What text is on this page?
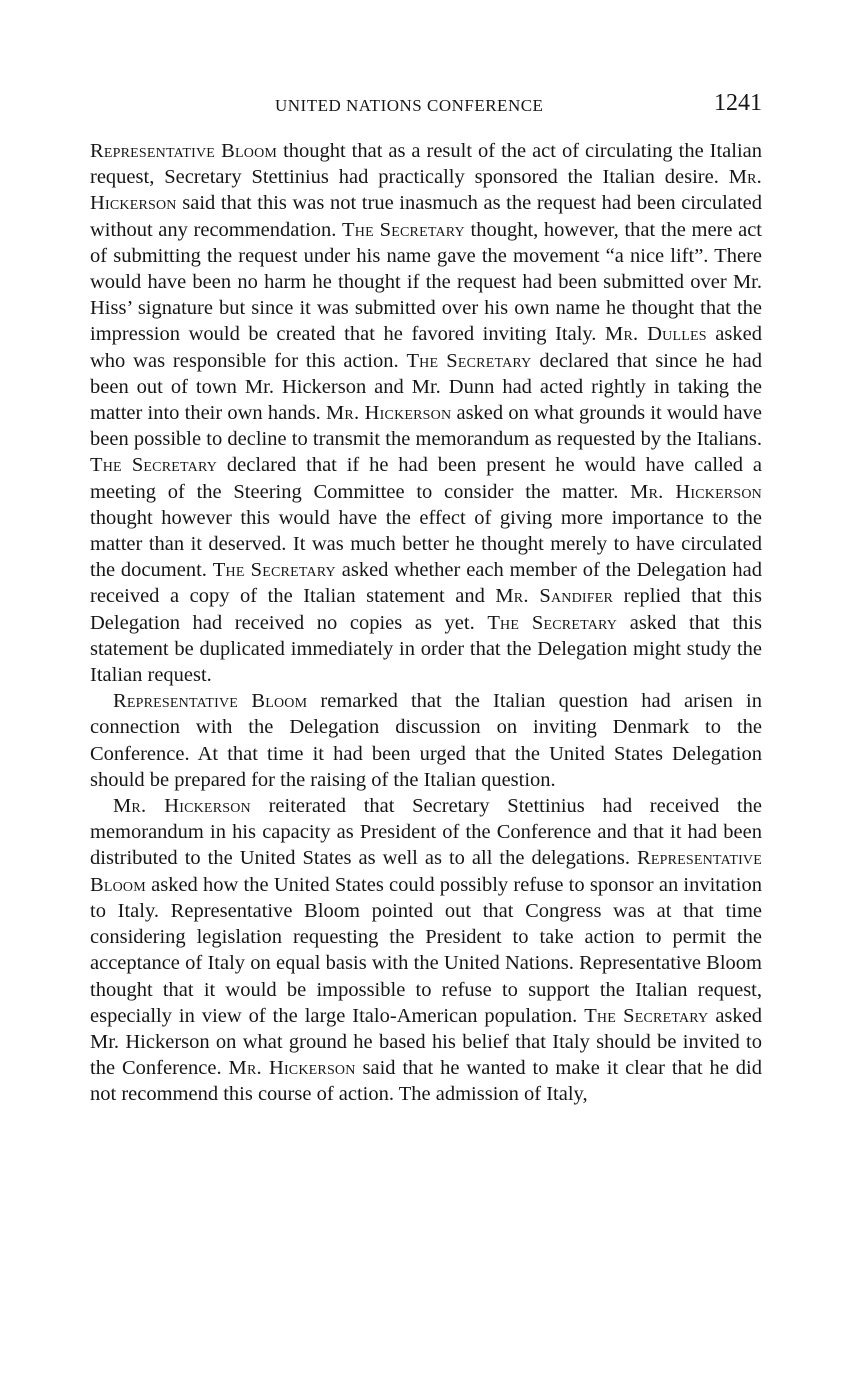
UNITED NATIONS CONFERENCE	1241

Representative Bloom thought that as a result of the act of circulating the Italian request, Secretary Stettinius had practically sponsored the Italian desire. Mr. Hickerson said that this was not true inasmuch as the request had been circulated without any recommendation. The Secretary thought, however, that the mere act of submitting the request under his name gave the movement “a nice lift”. There would have been no harm he thought if the request had been submitted over Mr. Hiss’ signature but since it was submitted over his own name he thought that the impression would be created that he favored inviting Italy. Mr. Dulles asked who was responsible for this action. The Secretary declared that since he had been out of town Mr. Hickerson and Mr. Dunn had acted rightly in taking the matter into their own hands. Mr. Hickerson asked on what grounds it would have been possible to decline to transmit the memorandum as requested by the Italians. The Secretary declared that if he had been present he would have called a meeting of the Steering Committee to consider the matter. Mr. Hickerson thought however this would have the effect of giving more importance to the matter than it deserved. It was much better he thought merely to have circulated the document. The Secretary asked whether each member of the Delegation had received a copy of the Italian statement and Mr. Sandifer replied that this Delegation had received no copies as yet. The Secretary asked that this statement be duplicated immediately in order that the Delegation might study the Italian request.

Representative Bloom remarked that the Italian question had arisen in connection with the Delegation discussion on inviting Denmark to the Conference. At that time it had been urged that the United States Delegation should be prepared for the raising of the Italian question.

Mr. Hickerson reiterated that Secretary Stettinius had received the memorandum in his capacity as President of the Conference and that it had been distributed to the United States as well as to all the delegations. Representative Bloom asked how the United States could possibly refuse to sponsor an invitation to Italy. Representative Bloom pointed out that Congress was at that time considering legislation requesting the President to take action to permit the acceptance of Italy on equal basis with the United Nations. Representative Bloom thought that it would be impossible to refuse to support the Italian request, especially in view of the large Italo-American population. The Secretary asked Mr. Hickerson on what ground he based his belief that Italy should be invited to the Conference. Mr. Hickerson said that he wanted to make it clear that he did not recommend this course of action. The admission of Italy,
